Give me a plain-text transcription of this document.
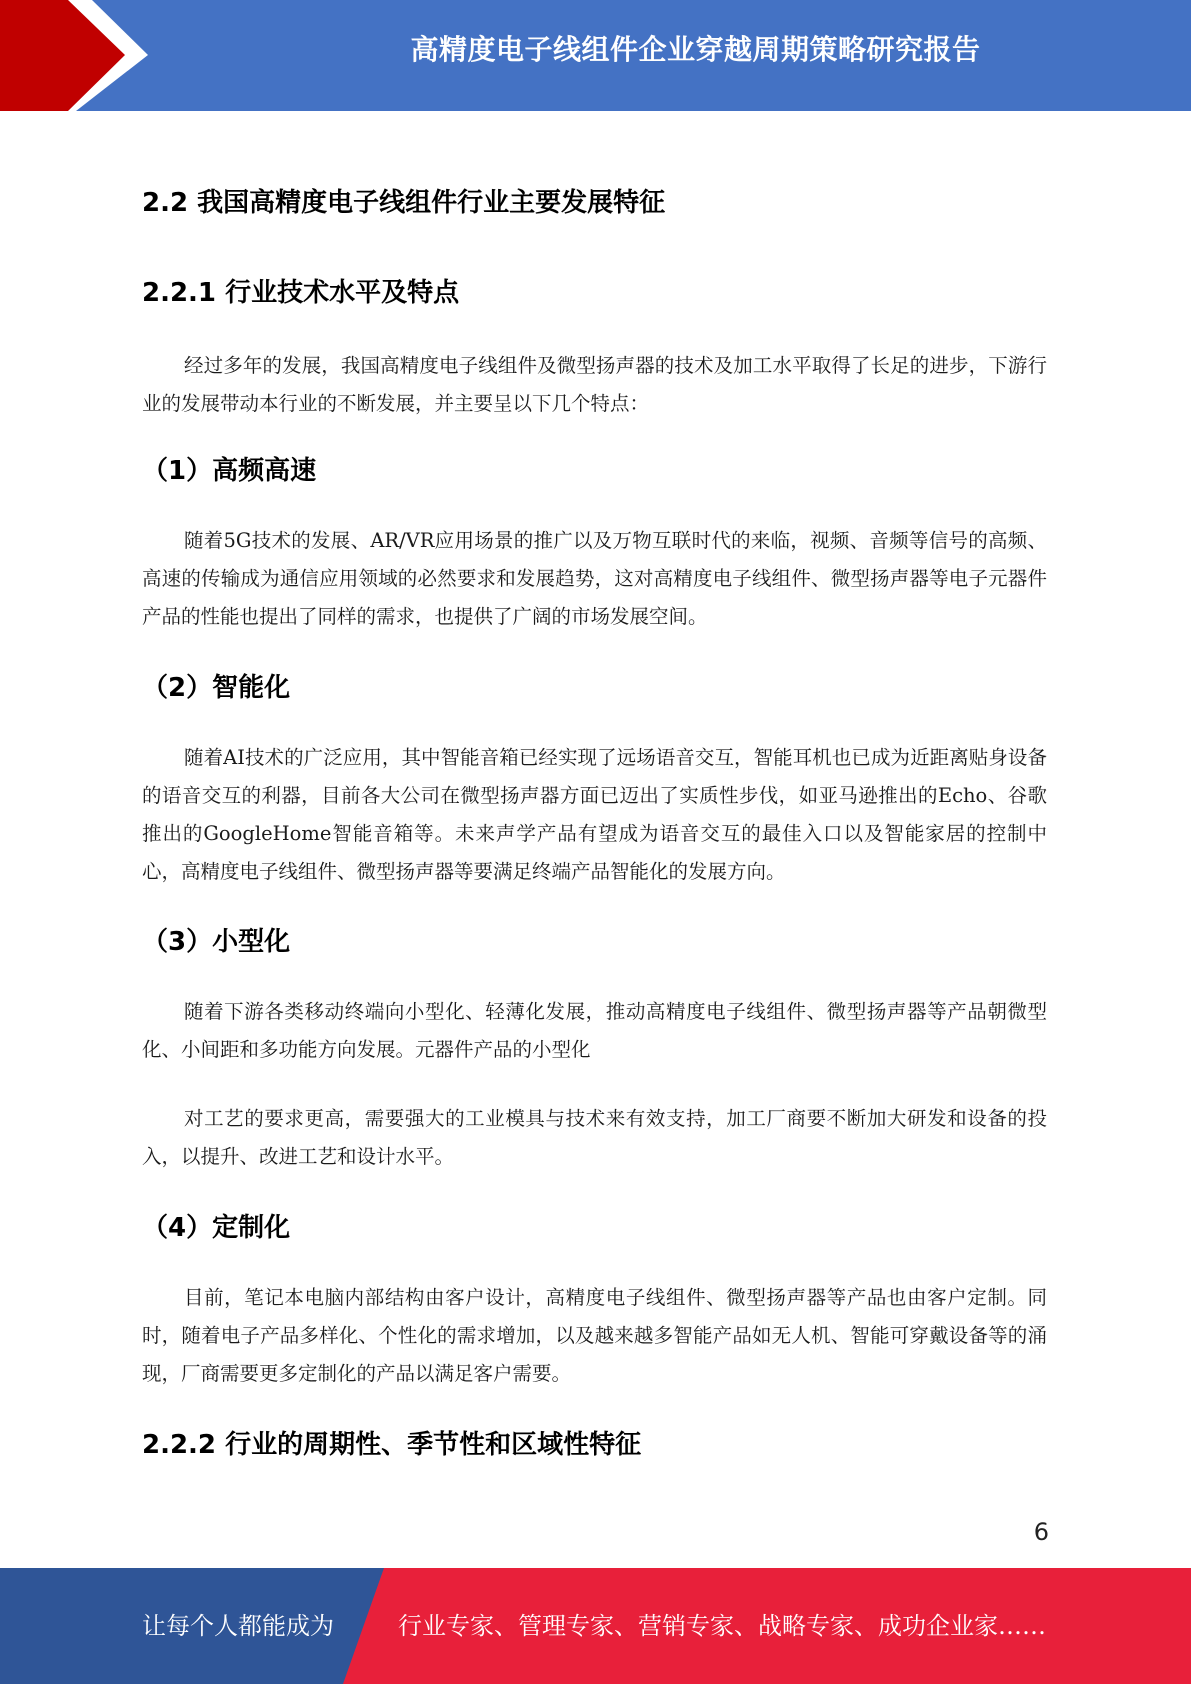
高精度电子线组件企业穿越周期策略研究报告
2.2 我国高精度电子线组件行业主要发展特征
2.2.1 行业技术水平及特点

经过多年的发展，我国高精度电子线组件及微型扬声器的技术及加工水平取得了长足的进步，下游行业的发展带动本行业的不断发展，并主要呈以下几个特点：

（1）高频高速

随着5G技术的发展、AR/VR应用场景的推广以及万物互联时代的来临，视频、音频等信号的高频、高速的传输成为通信应用领域的必然要求和发展趋势，这对高精度电子线组件、微型扬声器等电子元器件产品的性能也提出了同样的需求，也提供了广阔的市场发展空间。

（2）智能化

随着AI技术的广泛应用，其中智能音箱已经实现了远场语音交互，智能耳机也已成为近距离贴身设备的语音交互的利器，目前各大公司在微型扬声器方面已迈出了实质性步伐，如亚马逊推出的Echo、谷歌推出的GoogleHome智能音箱等。未来声学产品有望成为语音交互的最佳入口以及智能家居的控制中心，高精度电子线组件、微型扬声器等要满足终端产品智能化的发展方向。

（3）小型化

随着下游各类移动终端向小型化、轻薄化发展，推动高精度电子线组件、微型扬声器等产品朝微型化、小间距和多功能方向发展。元器件产品的小型化

对工艺的要求更高，需要强大的工业模具与技术来有效支持，加工厂商要不断加大研发和设备的投入，以提升、改进工艺和设计水平。

（4）定制化

目前，笔记本电脑内部结构由客户设计，高精度电子线组件、微型扬声器等产品也由客户定制。同时，随着电子产品多样化、个性化的需求增加，以及越来越多智能产品如无人机、智能可穿戴设备等的涌现，厂商需要更多定制化的产品以满足客户需要。

2.2.2 行业的周期性、季节性和区域性特征
6
让每个人都能成为	行业专家、管理专家、营销专家、战略专家、成功企业家……
